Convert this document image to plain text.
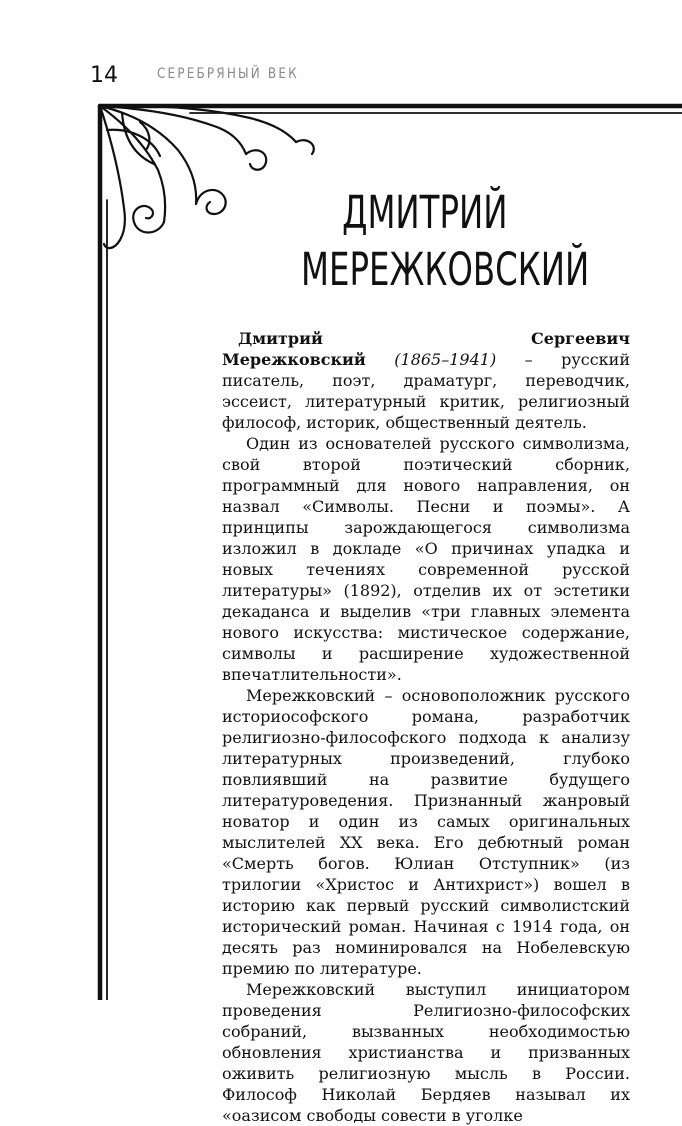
14	СЕРЕБРЯНЫЙ ВЕК
ДМИТРИЙ
МЕРЕЖКОВСКИЙ

Дмитрий Сергеевич Мережковский (1865–1941) – русский писатель, поэт, драматург, переводчик, эссеист, литературный критик, религиозный философ, историк, общественный деятель.

Один из основателей русского символизма, свой второй поэтический сборник, программный для нового направления, он назвал «Символы. Песни и поэмы». А принципы зарождающегося символизма изложил в докладе «О причинах упадка и новых течениях современной русской литературы» (1892), отделив их от эстетики декаданса и выделив «три главных элемента нового искусства: мистическое содержание, символы и расширение художественной впечатлительности».

Мережковский – основоположник русского историософского романа, разработчик религиозно-философского подхода к анализу литературных произведений, глубоко повлиявший на развитие будущего литературоведения. Признанный жанровый новатор и один из самых оригинальных мыслителей XX века. Его дебютный роман «Смерть богов. Юлиан Отступник» (из трилогии «Христос и Антихрист») вошел в историю как первый русский символистский исторический роман. Начиная с 1914 года, он десять раз номинировался на Нобелевскую премию по литературе.

Мережковский выступил инициатором проведения Религиозно-философских собраний, вызванных необходимостью обновления христианства и призванных оживить религиозную мысль в России. Философ Николай Бердяев называл их «оазисом свободы совести в уголке
